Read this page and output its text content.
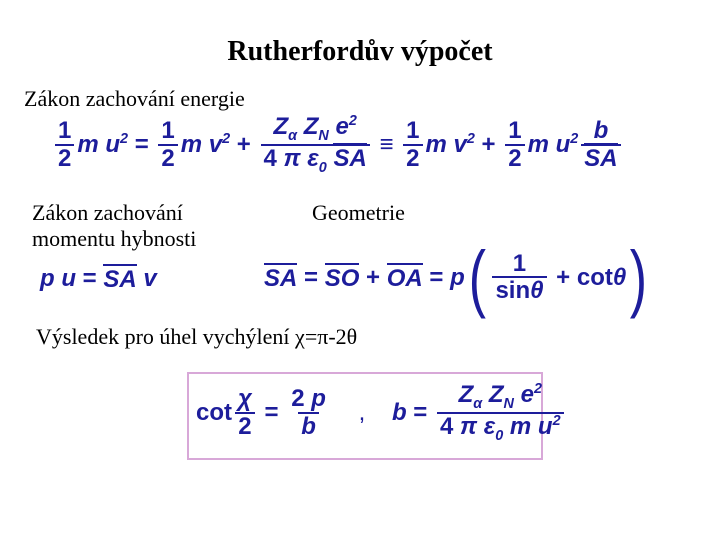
Rutherfordův výpočet
Zákon zachování energie
$\frac{1}{2}$ m $u^2 = \frac{1}{2}$ m $v^2 + \frac{Z_\alpha Z_N e^2}{4 \pi \varepsilon_0 SA} \equiv \frac{1}{2}$ m $v^2 + \frac{1}{2}$ m $u^2 \frac{b}{SA}$
Zákon zachování
momentu hybnosti
Geometrie
p u = SA
v	SA = SO + OA = p ( $\frac{1}{\sin\theta} + \cot \theta$ )
Výsledek pro úhel vychýlení χ=π-2θ
$\cot \frac{\chi}{2} = \frac{2 p}{b}$
,
$b = \frac{Z_\alpha Z_N e^2}{4 \pi \varepsilon_0 m u^2}$
